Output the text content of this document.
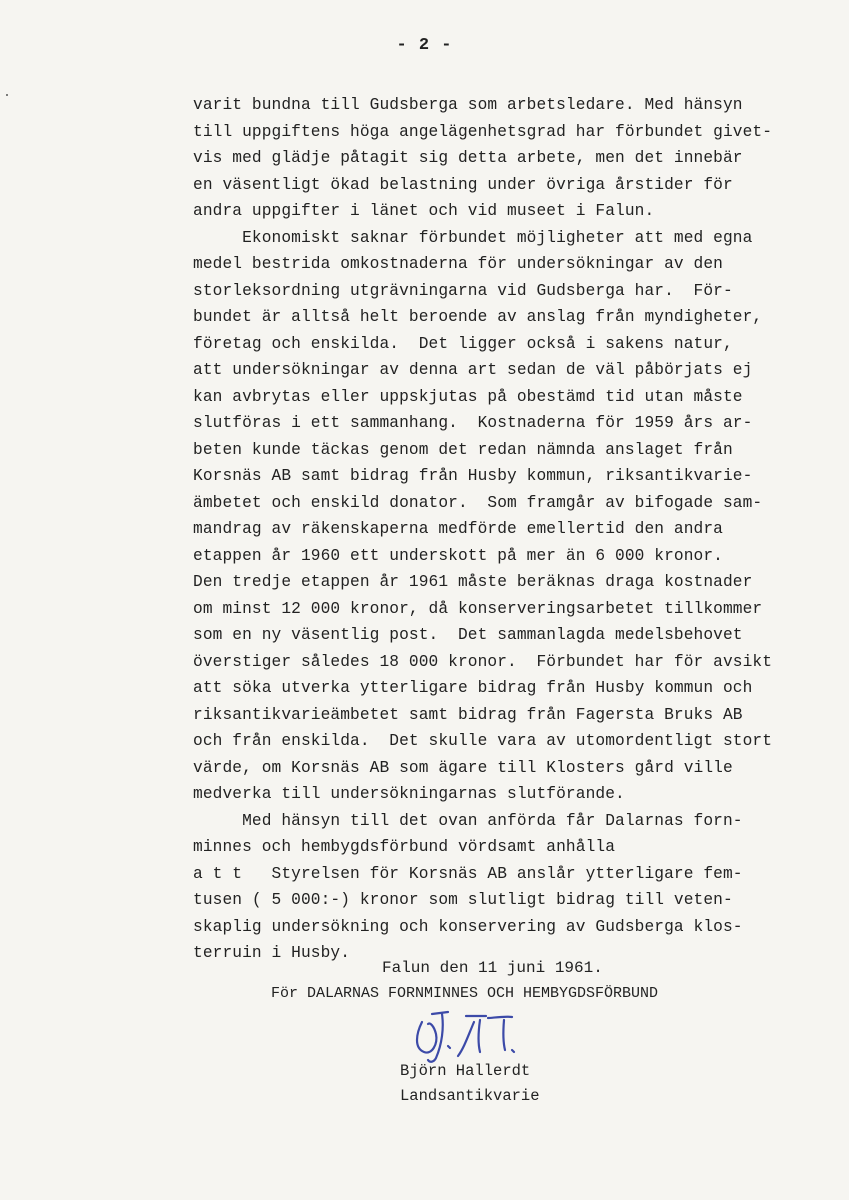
- 2 -
varit bundna till Gudsberga som arbetsledare. Med hänsyn
till uppgiftens höga angelägenhetsgrad har förbundet givet-
vis med glädje påtagit sig detta arbete, men det innebär
en väsentligt ökad belastning under övriga årstider för
andra uppgifter i länet och vid museet i Falun.
Ekonomiskt saknar förbundet möjligheter att med egna
medel bestrida omkostnaderna för undersökningar av den
storleksordning utgrävningarna vid Gudsberga har.  För-
bundet är alltså helt beroende av anslag från myndigheter,
företag och enskilda.  Det ligger också i sakens natur,
att undersökningar av denna art sedan de väl påbörjats ej
kan avbrytas eller uppskjutas på obestämd tid utan måste
slutföras i ett sammanhang.  Kostnaderna för 1959 års ar-
beten kunde täckas genom det redan nämnda anslaget från
Korsnäs AB samt bidrag från Husby kommun, riksantikvarie-
ämbetet och enskild donator.  Som framgår av bifogade sam-
mandrag av räkenskaperna medförde emellertid den andra
etappen år 1960 ett underskott på mer än 6 000 kronor.
Den tredje etappen år 1961 måste beräknas draga kostnader
om minst 12 000 kronor, då konserveringsarbetet tillkommer
som en ny väsentlig post.  Det sammanlagda medelsbehovet
överstiger således 18 000 kronor.  Förbundet har för avsikt
att söka utverka ytterligare bidrag från Husby kommun och
riksantikvarieämbetet samt bidrag från Fagersta Bruks AB
och från enskilda.  Det skulle vara av utomordentligt stort
värde, om Korsnäs AB som ägare till Klosters gård ville
medverka till undersökningarnas slutförande.
Med hänsyn till det ovan anförda får Dalarnas forn-
minnes och hembygdsförbund vördsamt anhålla
a t t   Styrelsen för Korsnäs AB anslår ytterligare fem-
tusen ( 5 000:-) kronor som slutligt bidrag till veten-
skaplig undersökning och konservering av Gudsberga klos-
terruin i Husby.
Falun den 11 juni 1961.
För DALARNAS FORNMINNES OCH HEMBYGDSFÖRBUND
Björn Hallerdt
Landsantikvarie
